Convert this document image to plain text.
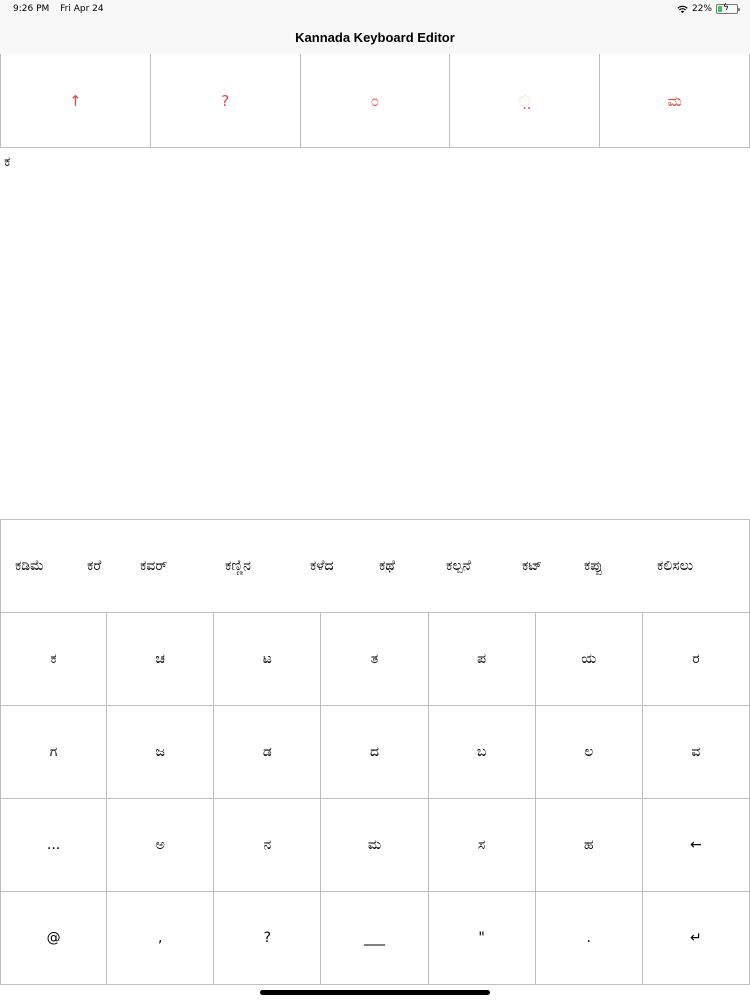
9:26 PM Fri Apr 24	22% ϟ
Kannada Keyboard Editor
↑	?	೦	಼	ಮ
ಕ
ಕಡಿಮೆ	ಕರೆ	ಕವರ್	ಕಣ್ಣಿನ	ಕಳೆದ	ಕಥೆ	ಕಲ್ಪನೆ	ಕಟ್	ಕಪ್ಪು	ಕಲಿಸಲು
ಕ	ಚ	ಟ	ತ	ಪ	ಯ	ರ
ಗ	ಜ	ಡ	ದ	ಬ	ಲ	ವ
...	ಅ	ನ	ಮ	ಸ	ಹ	←
@	,	?	___	"	.	↵
